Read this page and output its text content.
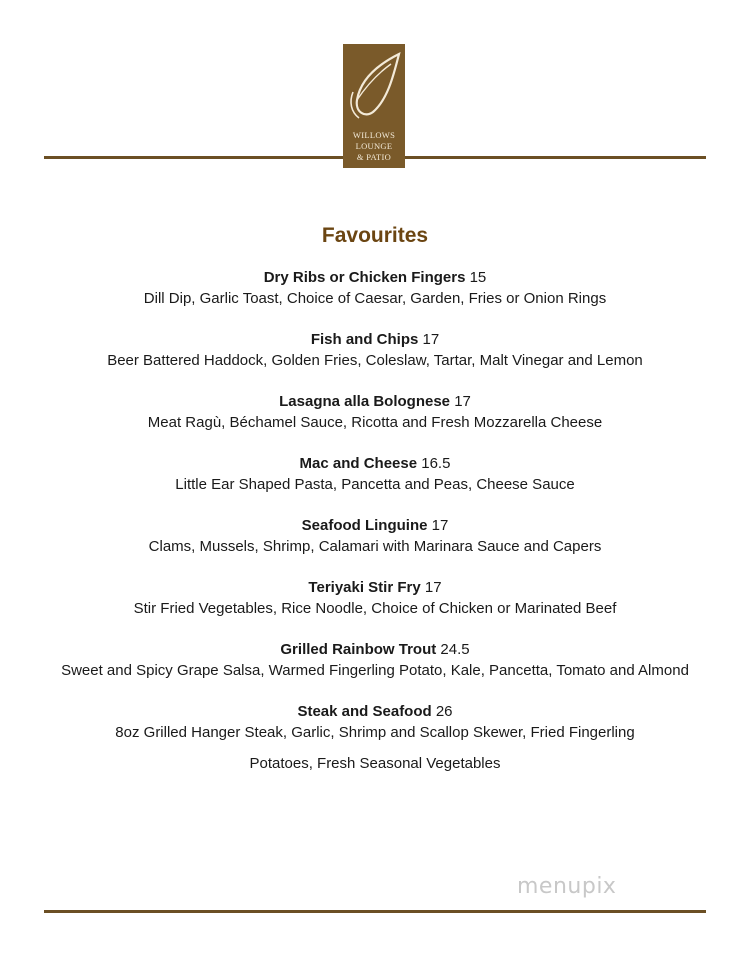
WILLOWS
LOUNGE
& PATIO
Favourites
Dry Ribs or Chicken Fingers 15
Dill Dip, Garlic Toast, Choice of Caesar, Garden, Fries or Onion Rings
Fish and Chips 17
Beer Battered Haddock, Golden Fries, Coleslaw, Tartar, Malt Vinegar and Lemon
Lasagna alla Bolognese 17
Meat Ragù, Béchamel Sauce, Ricotta and Fresh Mozzarella Cheese
Mac and Cheese 16.5
Little Ear Shaped Pasta, Pancetta and Peas, Cheese Sauce
Seafood Linguine 17
Clams, Mussels, Shrimp, Calamari with Marinara Sauce and Capers
Teriyaki Stir Fry 17
Stir Fried Vegetables, Rice Noodle, Choice of Chicken or Marinated Beef
Grilled Rainbow Trout 24.5
Sweet and Spicy Grape Salsa, Warmed Fingerling Potato, Kale, Pancetta, Tomato and Almond
Steak and Seafood 26
8oz Grilled Hanger Steak, Garlic, Shrimp and Scallop Skewer, Fried Fingerling
Potatoes, Fresh Seasonal Vegetables
menupix
